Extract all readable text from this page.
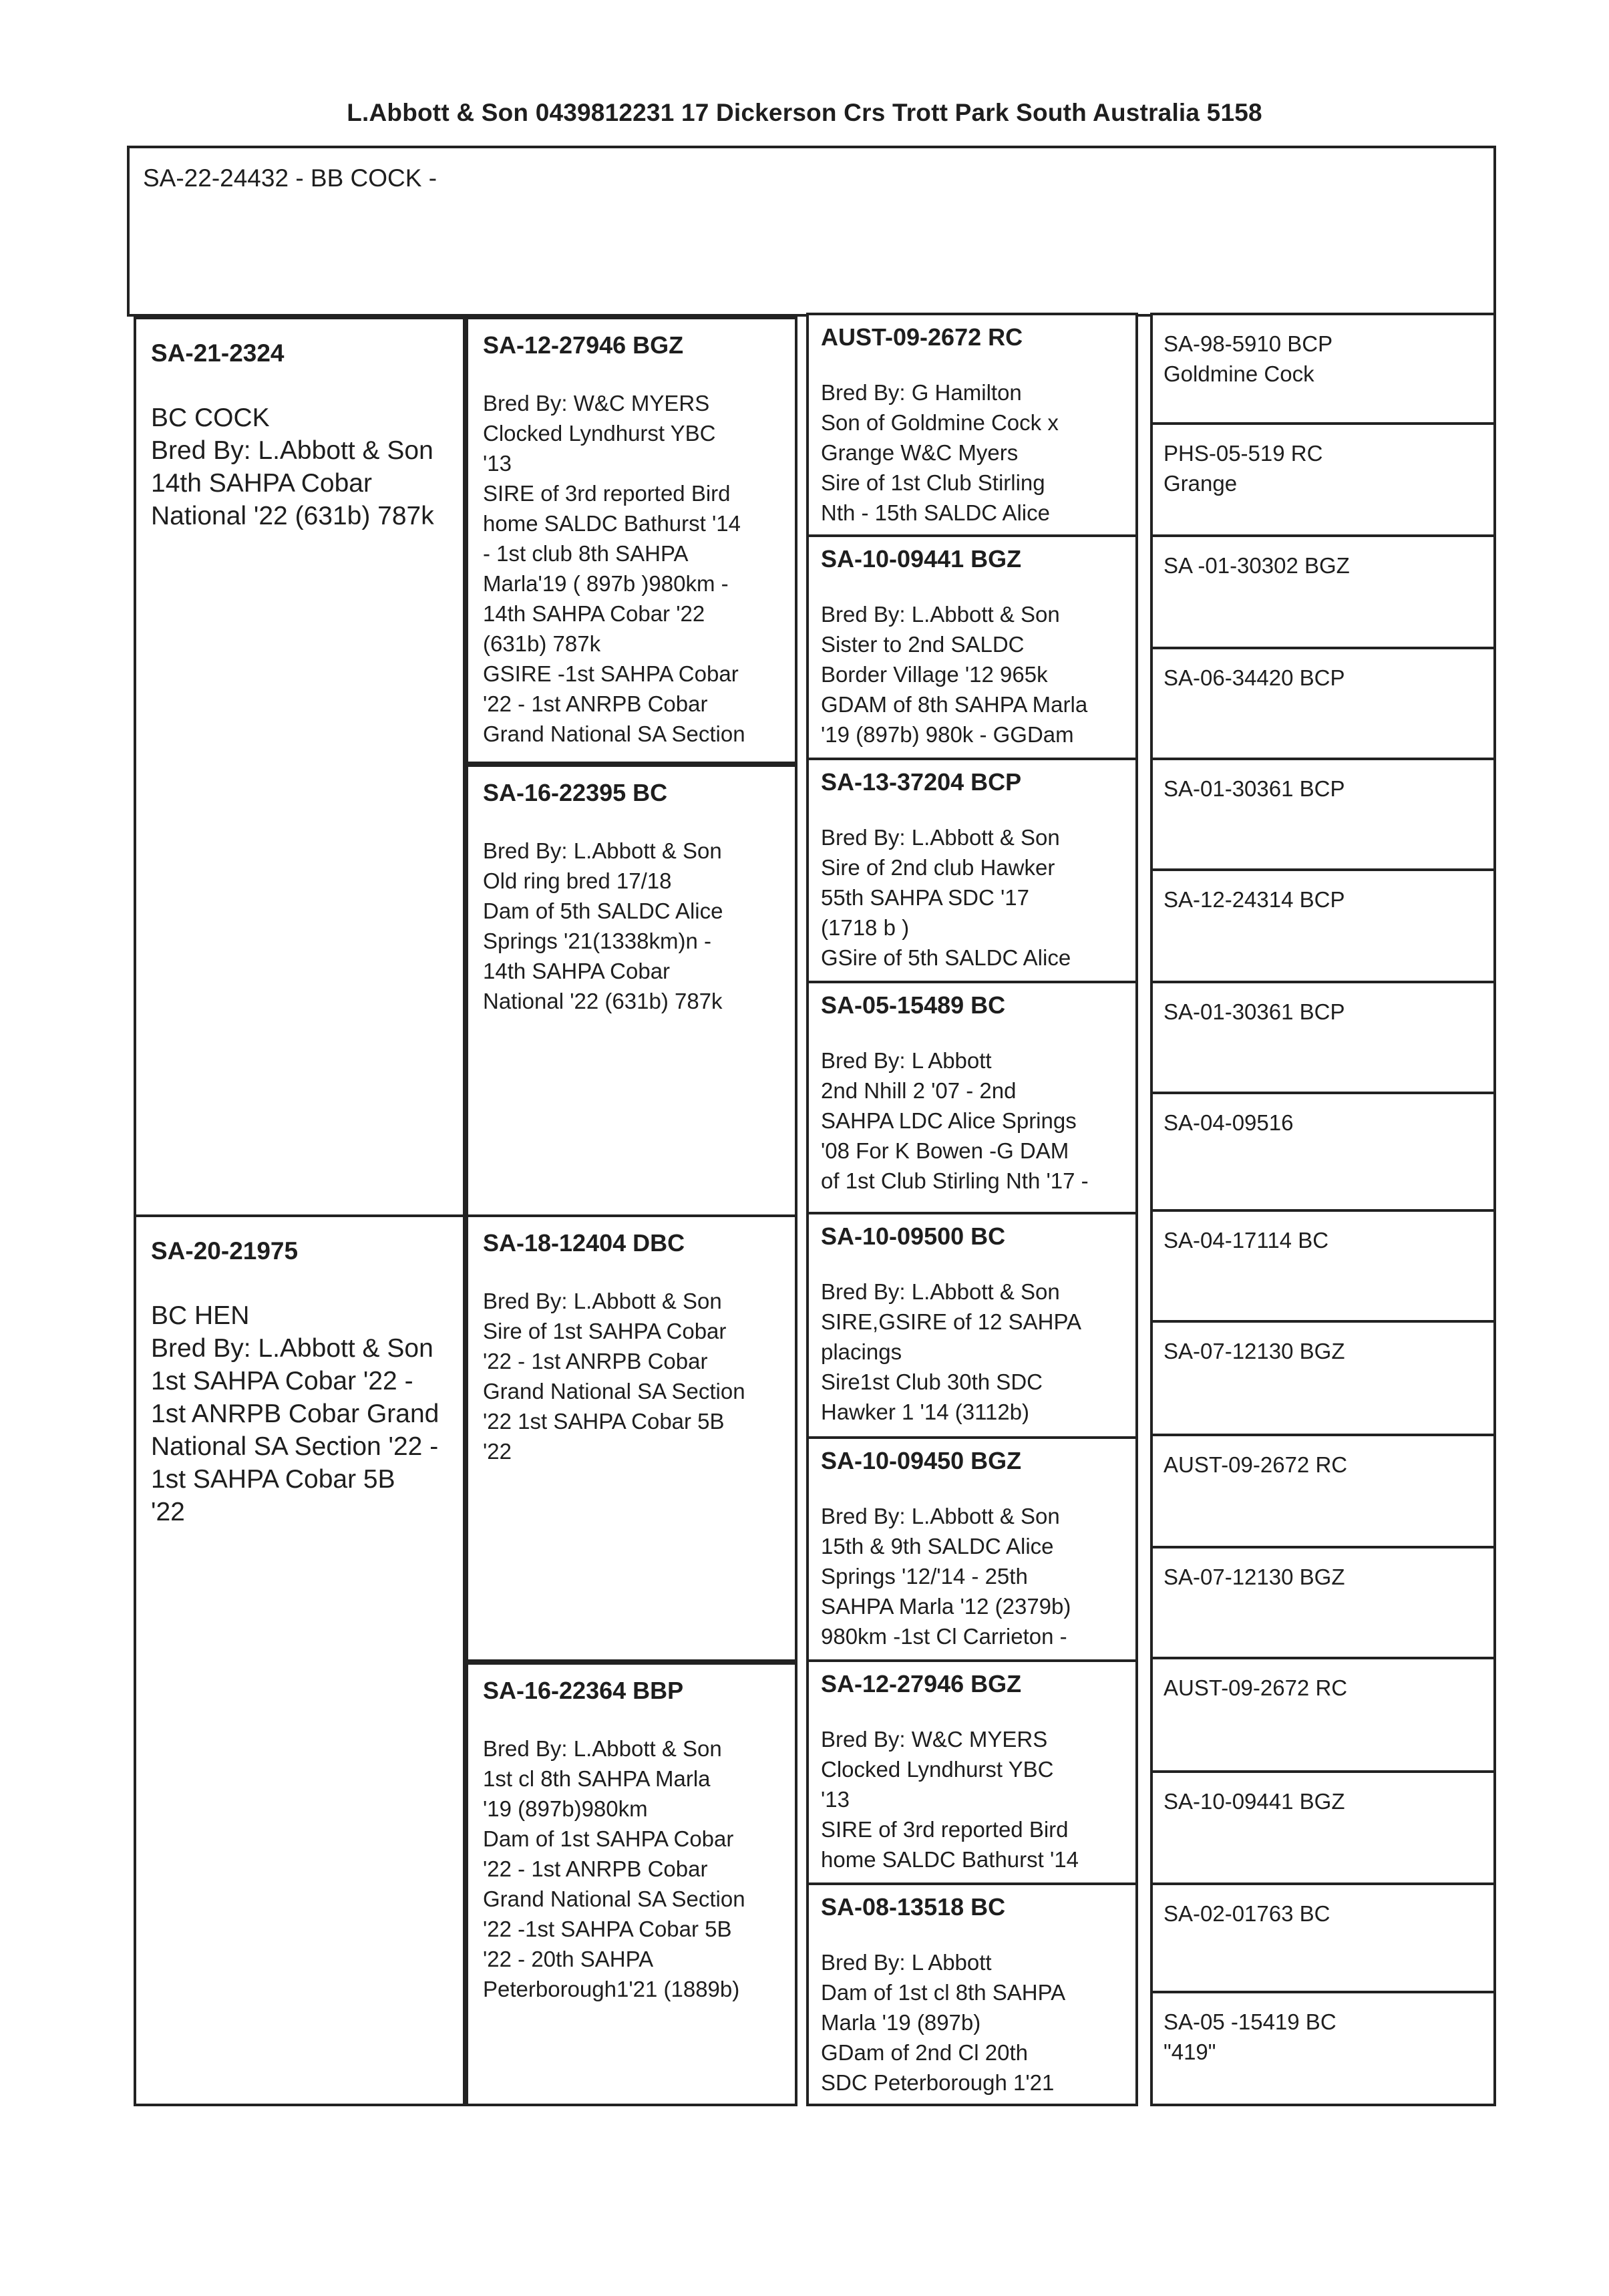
L.Abbott & Son 0439812231 17 Dickerson Crs Trott Park South Australia 5158
SA-22-24432 - BB COCK -
SA-21-2324
BC COCK
Bred By: L.Abbott & Son
14th SAHPA Cobar
National '22 (631b) 787k
SA-20-21975
BC HEN
Bred By: L.Abbott & Son
1st SAHPA Cobar '22 -
1st ANRPB Cobar Grand
National SA Section '22 -
1st SAHPA Cobar 5B
'22
SA-12-27946 BGZ
Bred By: W&C MYERS
Clocked Lyndhurst YBC
'13
SIRE of 3rd reported Bird
home SALDC Bathurst '14
- 1st club 8th SAHPA
Marla'19 ( 897b )980km -
14th SAHPA Cobar '22
(631b) 787k
GSIRE -1st SAHPA Cobar
'22 - 1st ANRPB Cobar
Grand National SA Section
SA-16-22395 BC
Bred By: L.Abbott & Son
Old ring bred 17/18
Dam of 5th SALDC Alice
Springs '21(1338km)n -
14th SAHPA Cobar
National '22 (631b) 787k
SA-18-12404 DBC
Bred By: L.Abbott & Son
Sire of 1st SAHPA Cobar
'22 - 1st ANRPB Cobar
Grand National SA Section
'22 1st SAHPA Cobar 5B
'22
SA-16-22364 BBP
Bred By: L.Abbott & Son
1st cl 8th SAHPA Marla
'19 (897b)980km
Dam of 1st SAHPA Cobar
'22 - 1st ANRPB Cobar
Grand National SA Section
'22 -1st SAHPA Cobar 5B
'22 - 20th SAHPA
Peterborough1'21 (1889b)
AUST-09-2672 RC
Bred By: G Hamilton
Son of Goldmine Cock x
Grange W&C Myers
Sire of 1st Club Stirling
Nth - 15th SALDC Alice
SA-10-09441 BGZ
Bred By: L.Abbott & Son
Sister to 2nd SALDC
Border Village '12 965k
GDAM of 8th SAHPA Marla
'19 (897b) 980k - GGDam
SA-13-37204 BCP
Bred By: L.Abbott & Son
Sire of 2nd club Hawker
55th SAHPA SDC '17
(1718 b )
GSire of 5th SALDC Alice
SA-05-15489 BC
Bred By: L Abbott
2nd Nhill 2 '07 - 2nd
SAHPA LDC Alice Springs
'08 For K Bowen -G DAM
of 1st Club Stirling Nth '17 -
SA-10-09500 BC
Bred By: L.Abbott & Son
SIRE,GSIRE of 12 SAHPA
placings
Sire1st Club 30th SDC
Hawker 1 '14 (3112b)
SA-10-09450 BGZ
Bred By: L.Abbott & Son
15th & 9th SALDC Alice
Springs '12/'14 - 25th
SAHPA Marla '12 (2379b)
980km -1st Cl Carrieton -
SA-12-27946 BGZ
Bred By: W&C MYERS
Clocked Lyndhurst YBC
'13
SIRE of 3rd reported Bird
home SALDC Bathurst '14
SA-08-13518 BC
Bred By: L Abbott
Dam of 1st cl 8th SAHPA
Marla '19 (897b)
GDam of 2nd Cl 20th
SDC Peterborough 1'21
SA-98-5910 BCP
Goldmine Cock
PHS-05-519 RC
Grange
SA -01-30302 BGZ
SA-06-34420 BCP
SA-01-30361 BCP
SA-12-24314 BCP
SA-01-30361 BCP
SA-04-09516
SA-04-17114 BC
SA-07-12130 BGZ
AUST-09-2672 RC
SA-07-12130 BGZ
AUST-09-2672 RC
SA-10-09441 BGZ
SA-02-01763 BC
SA-05 -15419 BC
"419"
